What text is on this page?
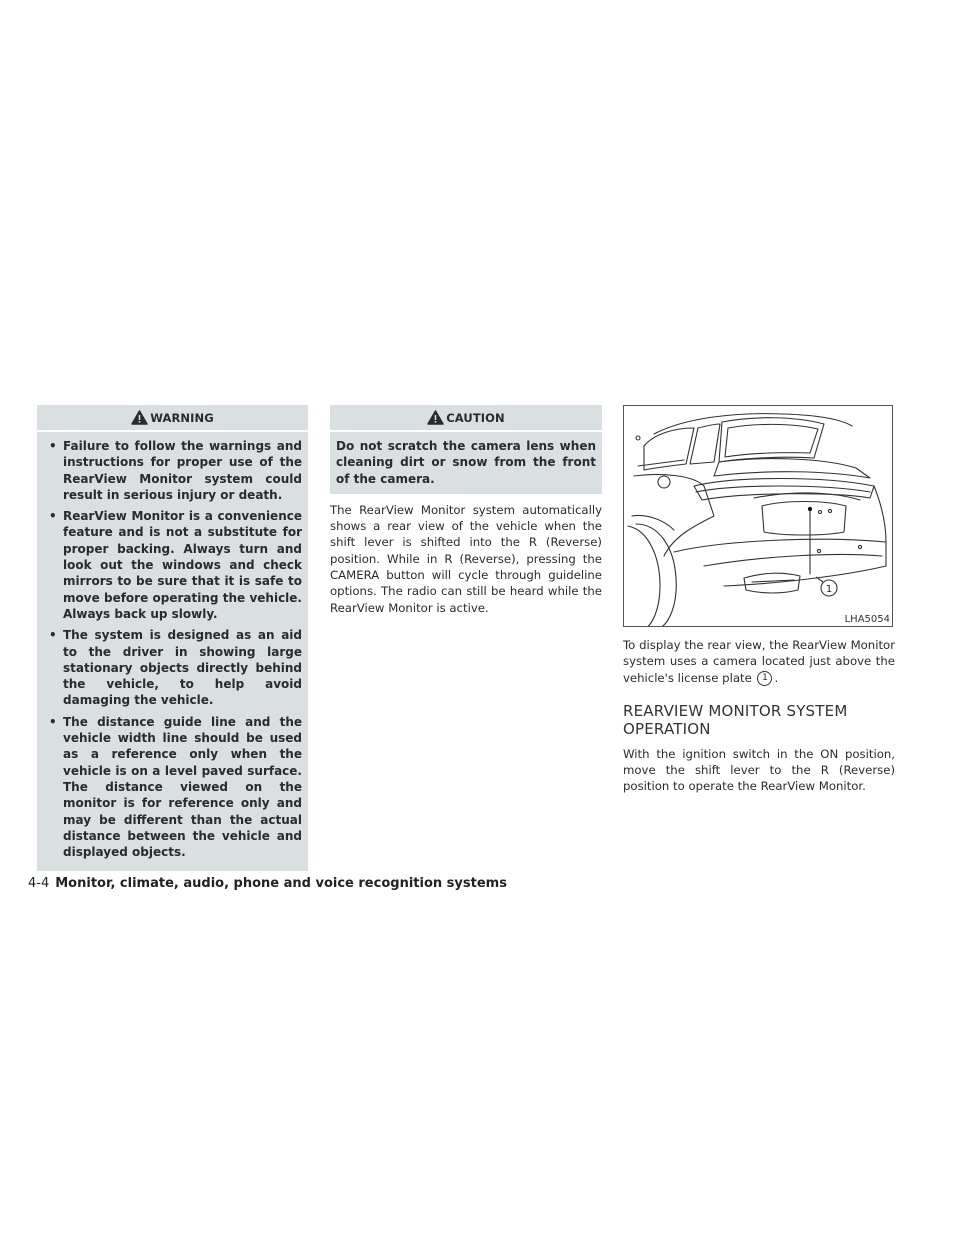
WARNING
• Failure to follow the warnings and instructions for proper use of the RearView Monitor system could result in serious injury or death.
• RearView Monitor is a convenience feature and is not a substitute for proper backing. Always turn and look out the windows and check mirrors to be sure that it is safe to move before operating the vehicle. Always back up slowly.
• The system is designed as an aid to the driver in showing large stationary objects directly behind the vehicle, to help avoid damaging the vehicle.
• The distance guide line and the vehicle width line should be used as a reference only when the vehicle is on a level paved surface. The distance viewed on the monitor is for reference only and may be different than the actual distance between the vehicle and displayed objects.
CAUTION
Do not scratch the camera lens when cleaning dirt or snow from the front of the camera.

The RearView Monitor system automatically shows a rear view of the vehicle when the shift lever is shifted into the R (Reverse) position. While in R (Reverse), pressing the CAMERA button will cycle through guideline options. The radio can still be heard while the RearView Monitor is active.

1
LHA5054

To display the rear view, the RearView Monitor system uses a camera located just above the vehicle's license plate 1 .

REARVIEW MONITOR SYSTEM OPERATION

With the ignition switch in the ON position, move the shift lever to the R (Reverse) position to operate the RearView Monitor.

4-4 Monitor, climate, audio, phone and voice recognition systems
